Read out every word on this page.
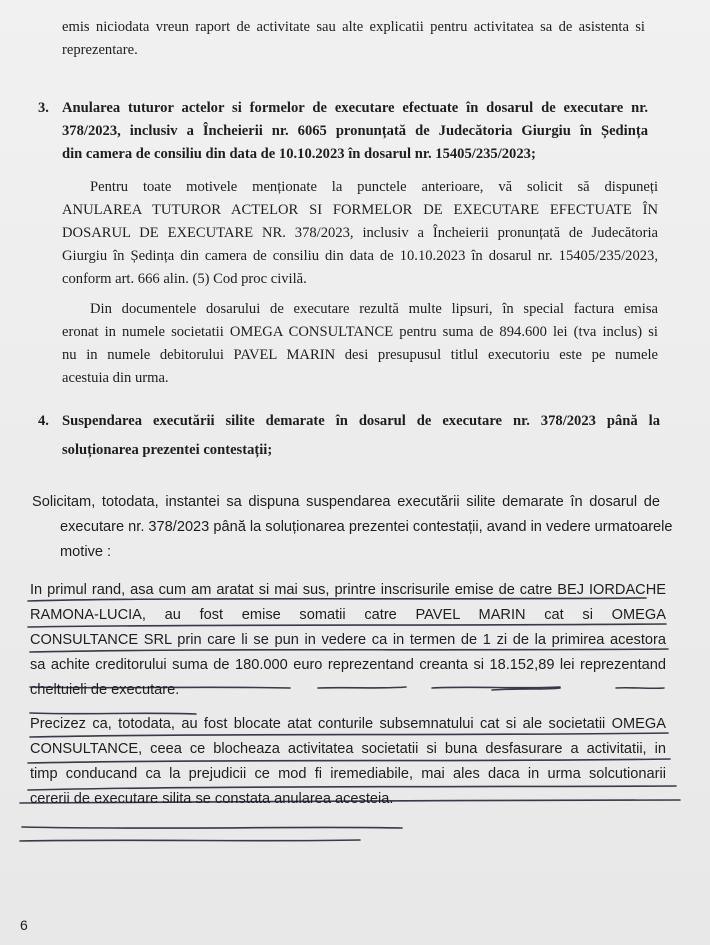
emis niciodata vreun raport de activitate sau alte explicatii pentru activitatea sa de asistenta si
reprezentare.
3. Anularea tuturor actelor si formelor de executare efectuate în dosarul de executare nr.
378/2023, inclusiv a Încheierii nr. 6065 pronunțată de Judecătoria Giurgiu în Ședința
din camera de consiliu din data de 10.10.2023 în dosarul nr. 15405/235/2023;
Pentru toate motivele menționate la punctele anterioare, vă solicit să dispuneți
ANULAREA TUTUROR ACTELOR SI FORMELOR DE EXECUTARE EFECTUATE ÎN
DOSARUL DE EXECUTARE NR. 378/2023, inclusiv a Încheierii pronunțată de Judecătoria
Giurgiu în Ședința din camera de consiliu din data de 10.10.2023 în dosarul nr. 15405/235/2023,
conform art. 666 alin. (5) Cod proc civilă.
Din documentele dosarului de executare rezultă multe lipsuri, în special factura emisa
eronat in numele societatii OMEGA CONSULTANCE pentru suma de 894.600 lei (tva inclus) si
nu in numele debitorului PAVEL MARIN desi presupusul titlul executoriu este pe numele
acestuia din urma.
4. Suspendarea executării silite demarate în dosarul de executare nr. 378/2023 până la
soluționarea prezentei contestații;
Solicitam, totodata, instantei sa dispuna suspendarea executării silite demarate în dosarul de
executare nr. 378/2023 până la soluționarea prezentei contestații, avand in vedere urmatoarele
motive :
In primul rand, asa cum am aratat si mai sus, printre inscrisurile emise de catre BEJ IORDACHE
RAMONA-LUCIA, au fost emise somatii catre PAVEL MARIN cat si OMEGA
CONSULTANCE SRL prin care li se pun in vedere ca in termen de 1 zi de la primirea acestora
sa achite creditorului suma de 180.000 euro reprezentand creanta si 18.152,89 lei reprezentand
cheltuieli de executare.
Precizez ca, totodata, au fost blocate atat conturile subsemnatului cat si ale societatii OMEGA
CONSULTANCE, ceea ce blocheaza activitatea societatii si buna desfasurare a activitatii, in
timp conducand ca la prejudicii ce mod fi iremediabile, mai ales daca in urma solcutionarii
cererii de executare silita se constata anularea acesteia.
6
